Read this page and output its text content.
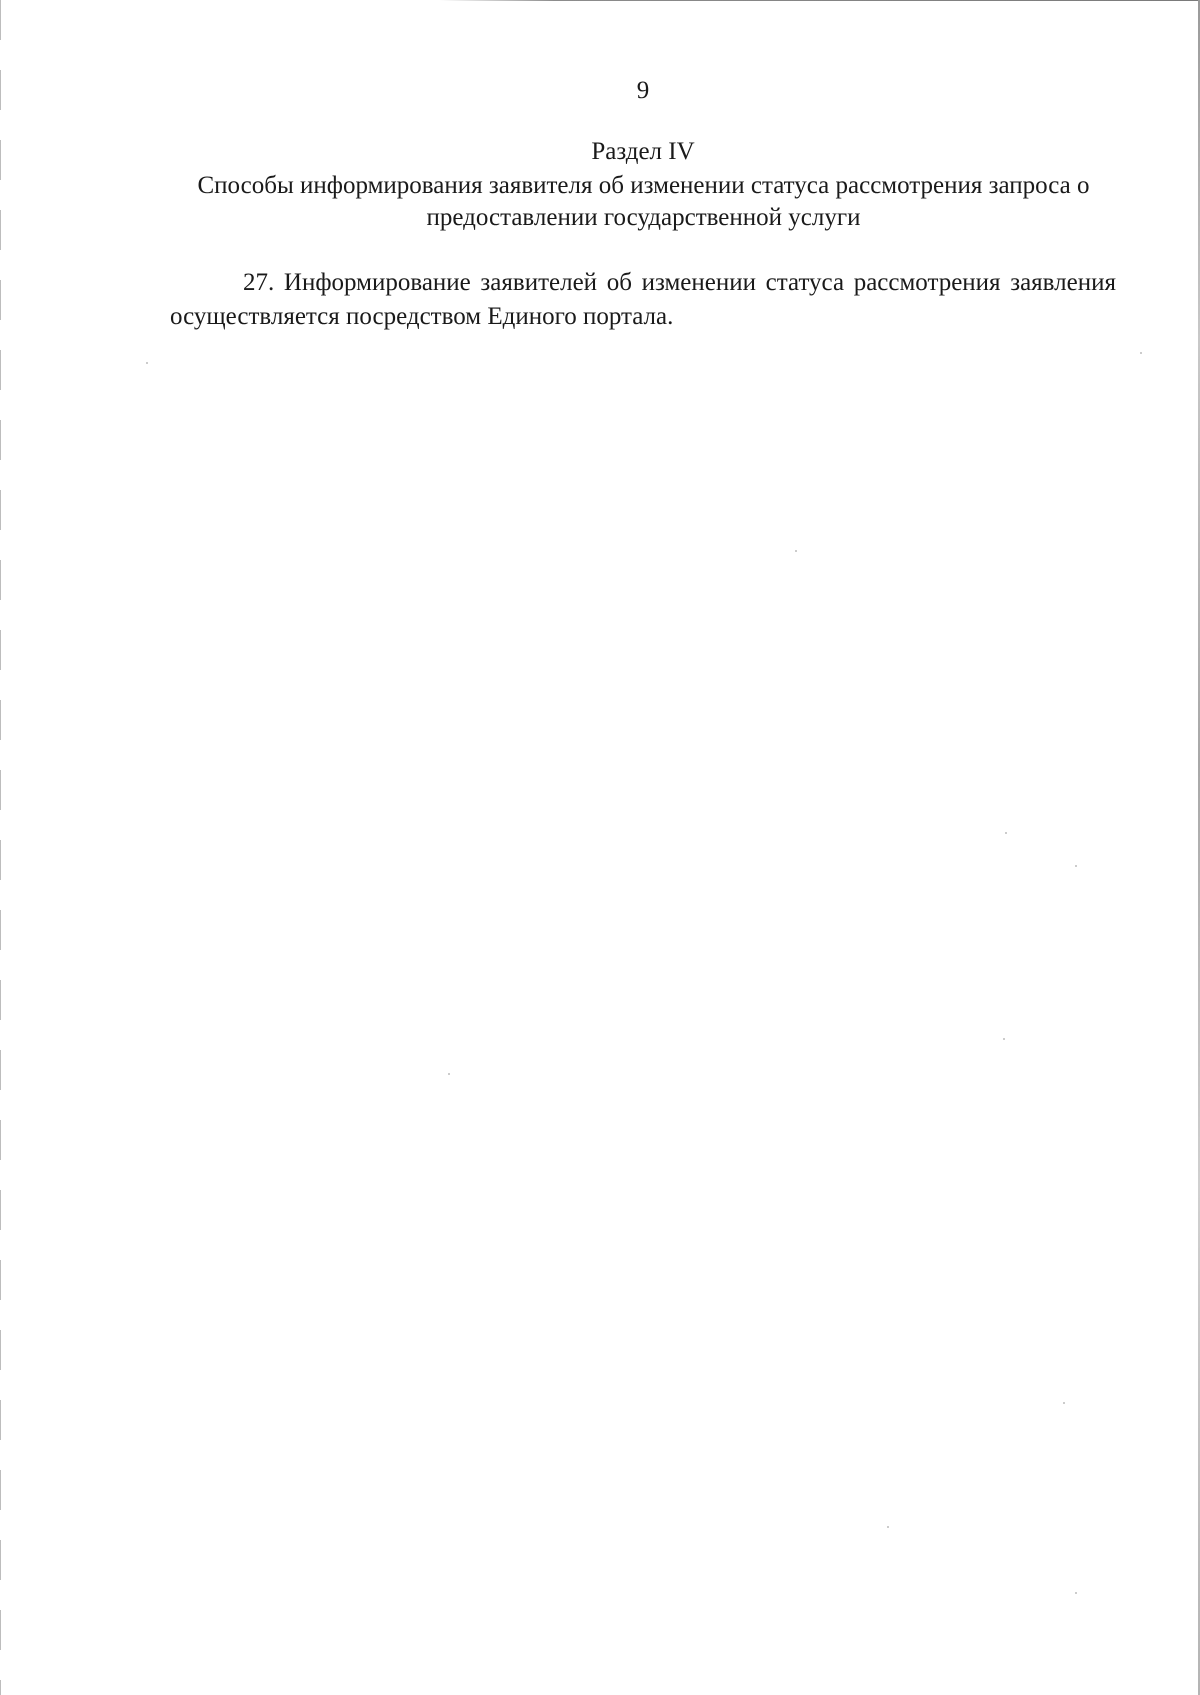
9
Раздел IV
Способы информирования заявителя об изменении статуса рассмотрения запроса о предоставлении государственной услуги

27. Информирование заявителей об изменении статуса рассмотрения заявления осуществляется посредством Единого портала.
